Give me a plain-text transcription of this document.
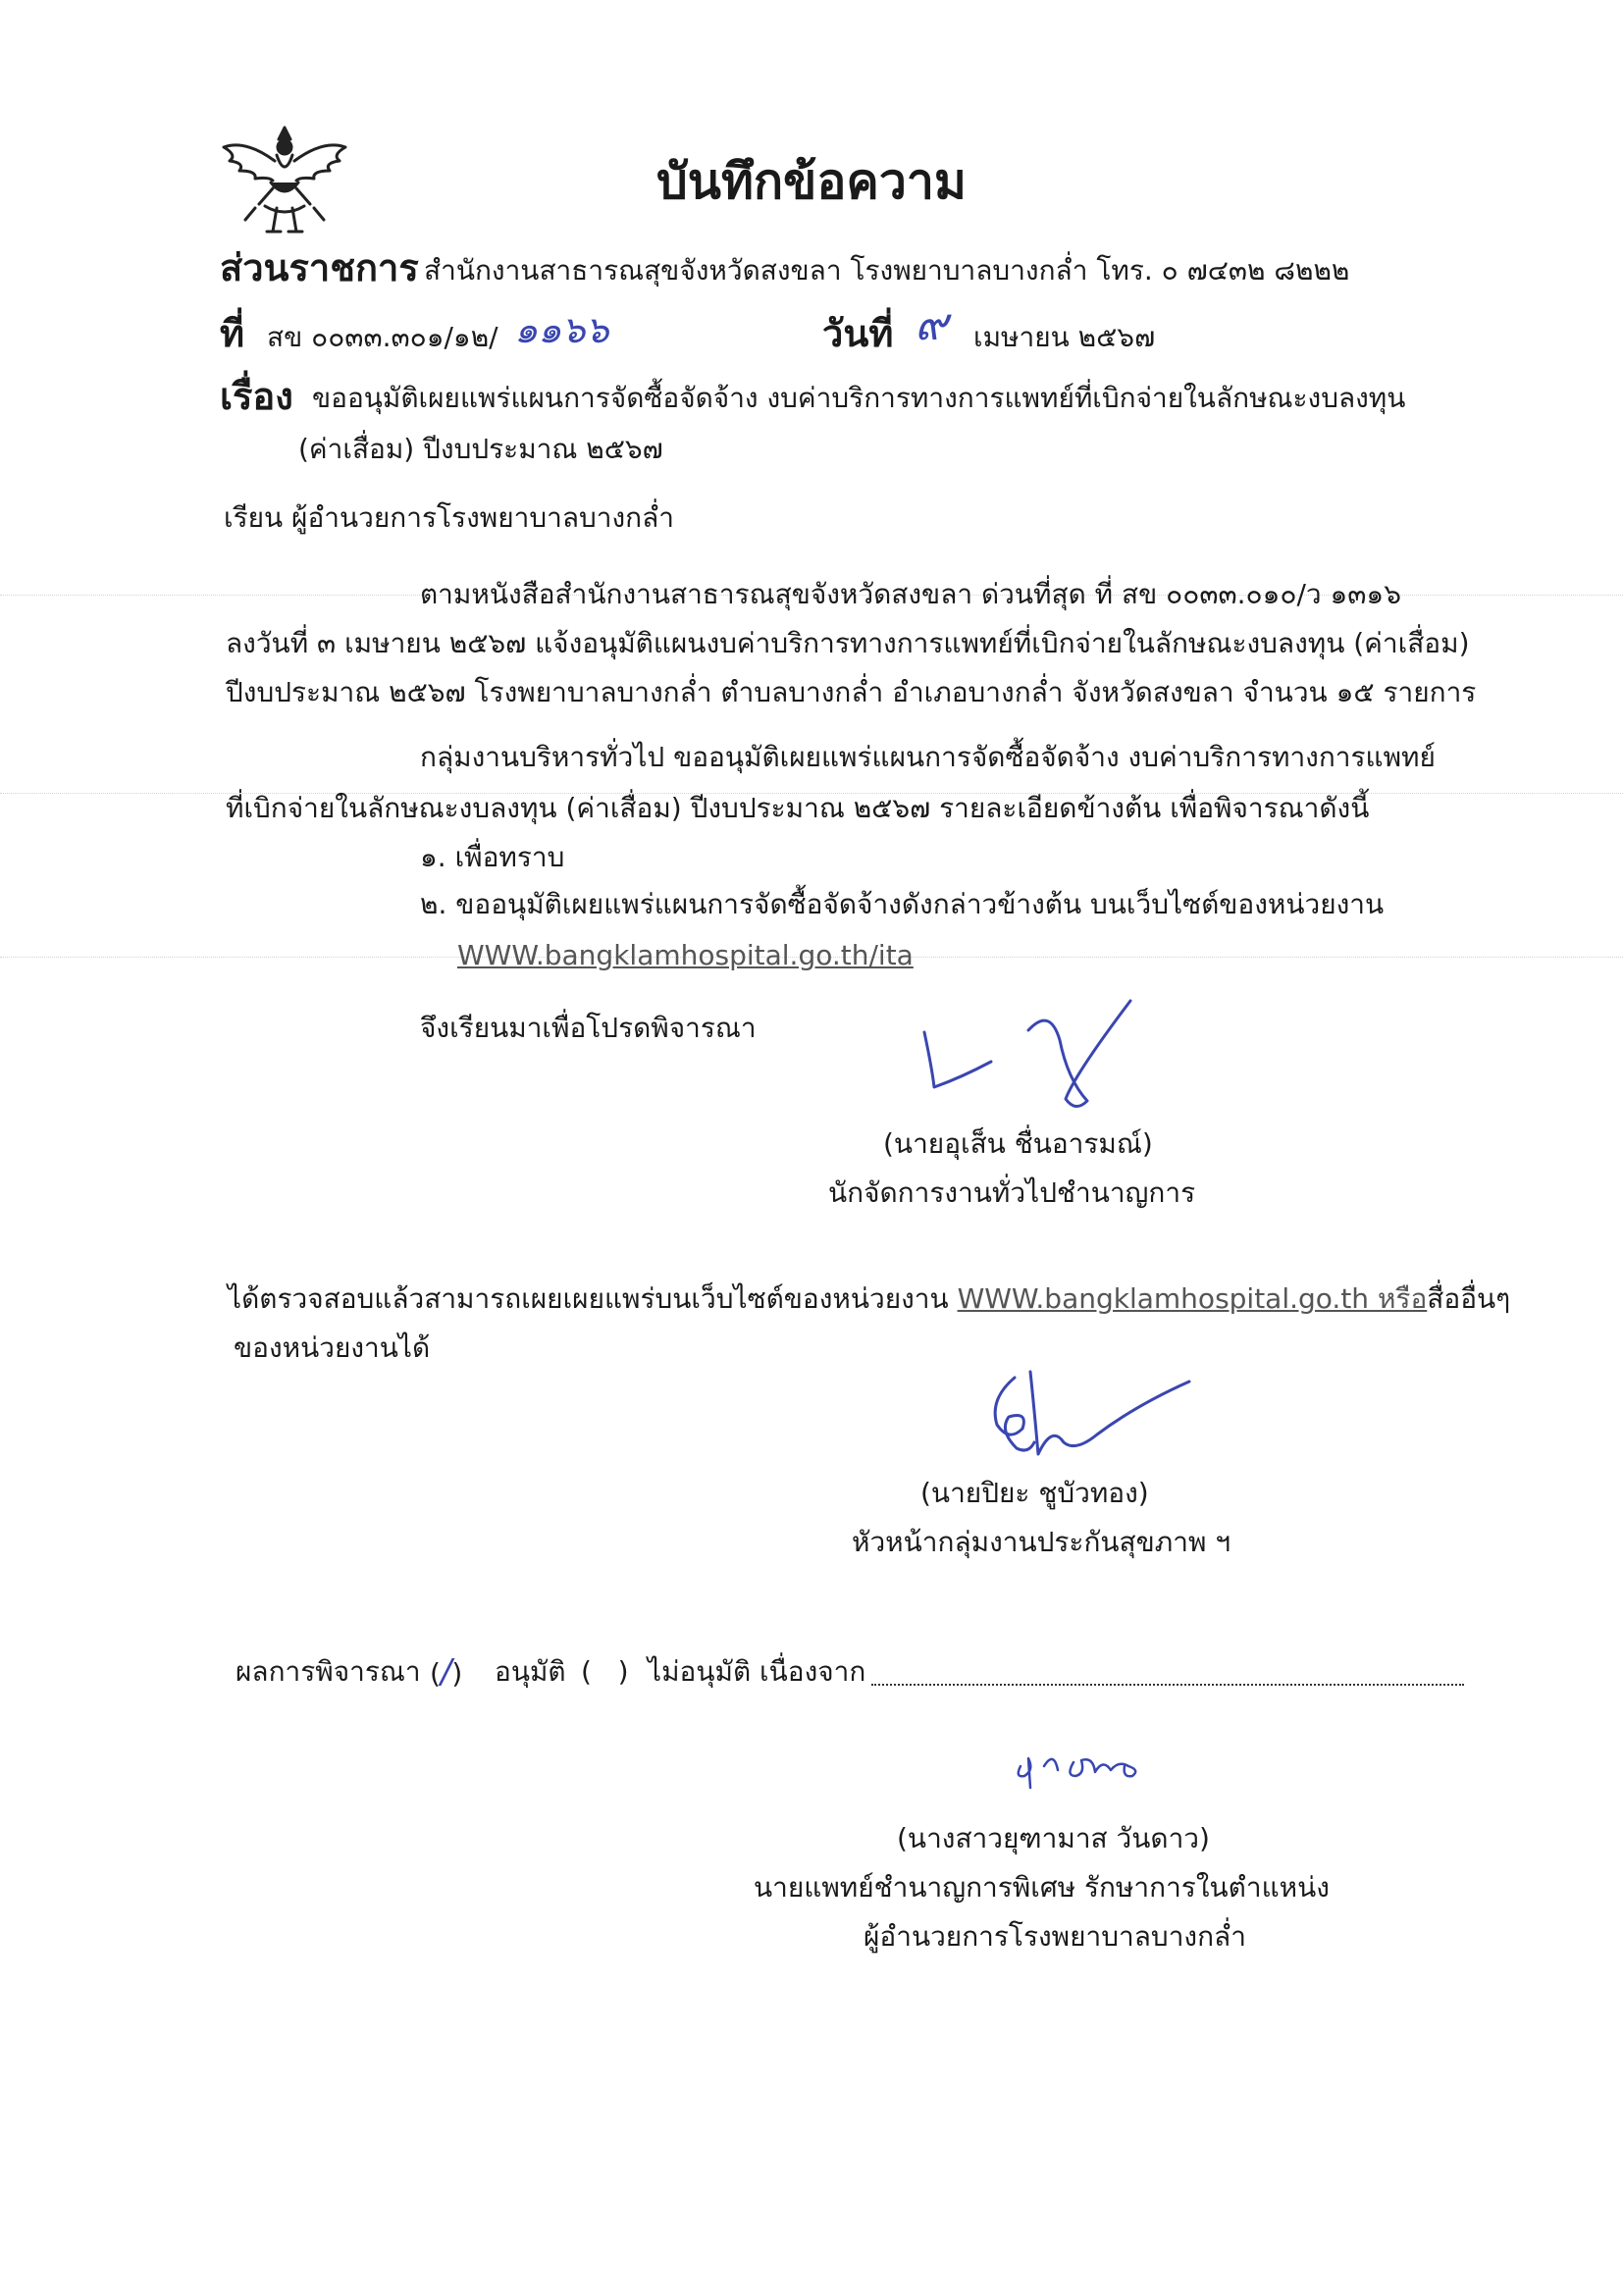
บันทึกข้อความ
ส่วนราชการ สำนักงานสาธารณสุขจังหวัดสงขลา โรงพยาบาลบางกล่ำ โทร. ๐ ๗๔๓๒ ๘๒๒๒
ที่ สข ๐๐๓๓.๓๐๑/๑๒/ ๑๑๖๖	วันที่ ๙ เมษายน ๒๕๖๗
เรื่อง ขออนุมัติเผยแพร่แผนการจัดซื้อจัดจ้าง งบค่าบริการทางการแพทย์ที่เบิกจ่ายในลักษณะงบลงทุน
(ค่าเสื่อม) ปีงบประมาณ ๒๕๖๗
เรียน ผู้อำนวยการโรงพยาบาลบางกล่ำ
ตามหนังสือสำนักงานสาธารณสุขจังหวัดสงขลา ด่วนที่สุด ที่ สข ๐๐๓๓.๐๑๐/ว ๑๓๑๖
ลงวันที่ ๓ เมษายน ๒๕๖๗ แจ้งอนุมัติแผนงบค่าบริการทางการแพทย์ที่เบิกจ่ายในลักษณะงบลงทุน (ค่าเสื่อม)
ปีงบประมาณ ๒๕๖๗ โรงพยาบาลบางกล่ำ ตำบลบางกล่ำ อำเภอบางกล่ำ จังหวัดสงขลา จำนวน ๑๕ รายการ
กลุ่มงานบริหารทั่วไป ขออนุมัติเผยแพร่แผนการจัดซื้อจัดจ้าง งบค่าบริการทางการแพทย์
ที่เบิกจ่ายในลักษณะงบลงทุน (ค่าเสื่อม) ปีงบประมาณ ๒๕๖๗ รายละเอียดข้างต้น เพื่อพิจารณาดังนี้
๑. เพื่อทราบ
๒. ขออนุมัติเผยแพร่แผนการจัดซื้อจัดจ้างดังกล่าวข้างต้น บนเว็บไซต์ของหน่วยงาน
WWW.bangklamhospital.go.th/ita
จึงเรียนมาเพื่อโปรดพิจารณา
(นายอุเส็น ชื่นอารมณ์)
นักจัดการงานทั่วไปชำนาญการ
ได้ตรวจสอบแล้วสามารถเผยเผยแพร่บนเว็บไซต์ของหน่วยงาน WWW.bangklamhospital.go.th หรือสื่ออื่นๆ
ของหน่วยงานได้
(นายปิยะ ชูบัวทอง)
หัวหน้ากลุ่มงานประกันสุขภาพ ฯ
ผลการพิจารณา (/) อนุมัติ (   ) ไม่อนุมัติ เนื่องจาก
(นางสาวยุฑามาส วันดาว)
นายแพทย์ชำนาญการพิเศษ รักษาการในตำแหน่ง
ผู้อำนวยการโรงพยาบาลบางกล่ำ
